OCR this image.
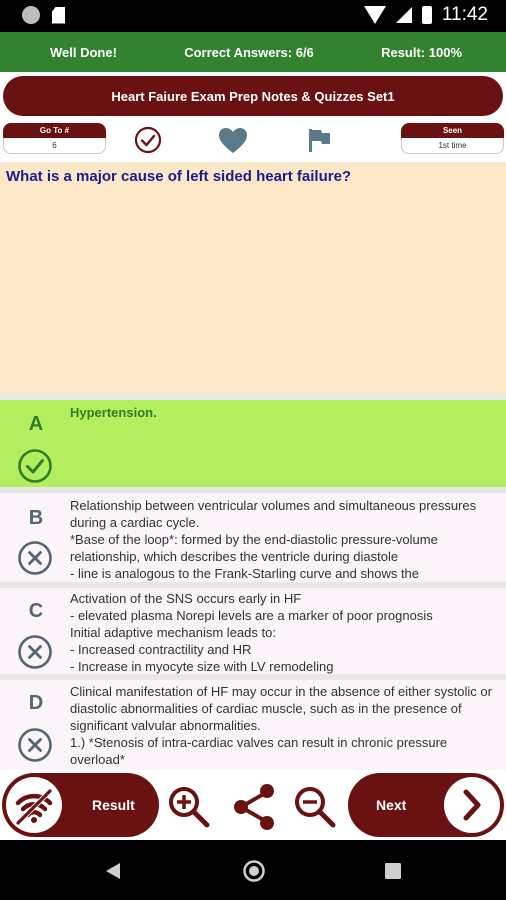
11:42
Well Done!	Correct Answers: 6/6	Result: 100%
Heart Faiure Exam Prep Notes & Quizzes Set1
Go To #
6
Seen
1st time
What is a major cause of left sided heart failure?
A
Hypertension.
B
Relationship between ventricular volumes and simultaneous pressures during a cardiac cycle.
*Base of the loop*: formed by the end-diastolic pressure-volume relationship, which describes the ventricle during diastole
- line is analogous to the Frank-Starling curve and shows the
C
Activation of the SNS occurs early in HF
- elevated plasma Norepi levels are a marker of poor prognosis
Initial adaptive mechanism leads to:
- Increased contractility and HR
- Increase in myocyte size with LV remodeling
D
Clinical manifestation of HF may occur in the absence of either systolic or diastolic abnormalities of cardiac muscle, such as in the presence of significant valvular abnormalities.
1.) *Stenosis of intra-cardiac valves can result in chronic pressure overload*
Result	Next
